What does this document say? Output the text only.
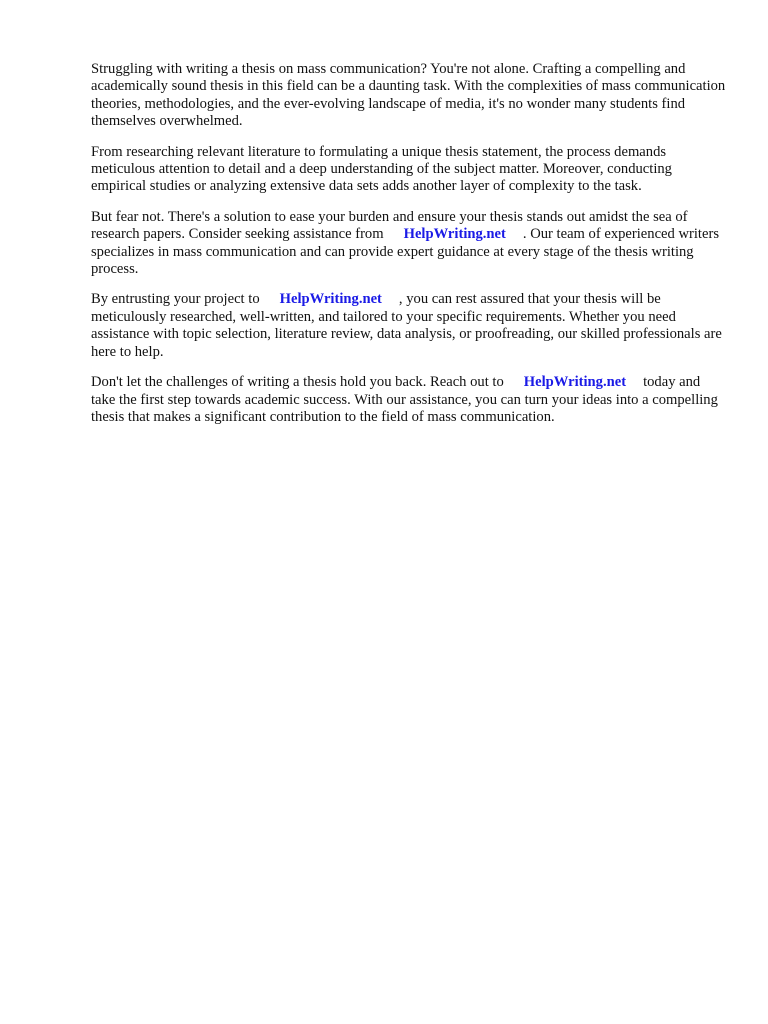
Struggling with writing a thesis on mass communication? You're not alone. Crafting a compelling and academically sound thesis in this field can be a daunting task. With the complexities of mass communication theories, methodologies, and the ever-evolving landscape of media, it's no wonder many students find themselves overwhelmed.

From researching relevant literature to formulating a unique thesis statement, the process demands meticulous attention to detail and a deep understanding of the subject matter. Moreover, conducting empirical studies or analyzing extensive data sets adds another layer of complexity to the task.

But fear not. There's a solution to ease your burden and ensure your thesis stands out amidst the sea of research papers. Consider seeking assistance from HelpWriting.net . Our team of experienced writers specializes in mass communication and can provide expert guidance at every stage of the thesis writing process.

By entrusting your project to HelpWriting.net , you can rest assured that your thesis will be meticulously researched, well-written, and tailored to your specific requirements. Whether you need assistance with topic selection, literature review, data analysis, or proofreading, our skilled professionals are here to help.

Don't let the challenges of writing a thesis hold you back. Reach out to HelpWriting.net today and take the first step towards academic success. With our assistance, you can turn your ideas into a compelling thesis that makes a significant contribution to the field of mass communication.
